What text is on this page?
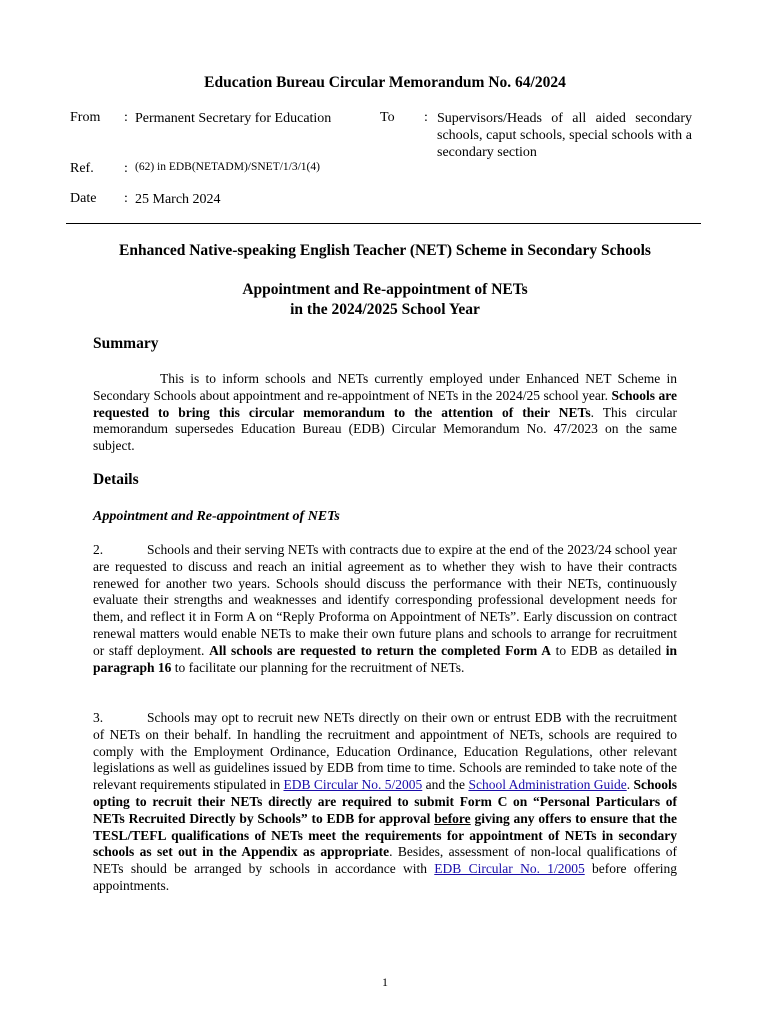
Education Bureau Circular Memorandum No. 64/2024
From : Permanent Secretary for Education	To : Supervisors/Heads of all aided secondary schools, caput schools, special schools with a secondary section
Ref. : (62) in EDB(NETADM)/SNET/1/3/1(4)
Date : 25 March 2024
Enhanced Native-speaking English Teacher (NET) Scheme in Secondary Schools
Appointment and Re-appointment of NETs
in the 2024/2025 School Year
Summary
This is to inform schools and NETs currently employed under Enhanced NET Scheme in Secondary Schools about appointment and re-appointment of NETs in the 2024/25 school year. Schools are requested to bring this circular memorandum to the attention of their NETs. This circular memorandum supersedes Education Bureau (EDB) Circular Memorandum No. 47/2023 on the same subject.
Details
Appointment and Re-appointment of NETs
2.	Schools and their serving NETs with contracts due to expire at the end of the 2023/24 school year are requested to discuss and reach an initial agreement as to whether they wish to have their contracts renewed for another two years. Schools should discuss the performance with their NETs, continuously evaluate their strengths and weaknesses and identify corresponding professional development needs for them, and reflect it in Form A on “Reply Proforma on Appointment of NETs”. Early discussion on contract renewal matters would enable NETs to make their own future plans and schools to arrange for recruitment or staff deployment. All schools are requested to return the completed Form A to EDB as detailed in paragraph 16 to facilitate our planning for the recruitment of NETs.
3.	Schools may opt to recruit new NETs directly on their own or entrust EDB with the recruitment of NETs on their behalf. In handling the recruitment and appointment of NETs, schools are required to comply with the Employment Ordinance, Education Ordinance, Education Regulations, other relevant legislations as well as guidelines issued by EDB from time to time. Schools are reminded to take note of the relevant requirements stipulated in EDB Circular No. 5/2005 and the School Administration Guide. Schools opting to recruit their NETs directly are required to submit Form C on “Personal Particulars of NETs Recruited Directly by Schools” to EDB for approval before giving any offers to ensure that the TESL/TEFL qualifications of NETs meet the requirements for appointment of NETs in secondary schools as set out in the Appendix as appropriate. Besides, assessment of non-local qualifications of NETs should be arranged by schools in accordance with EDB Circular No. 1/2005 before offering appointments.
1
